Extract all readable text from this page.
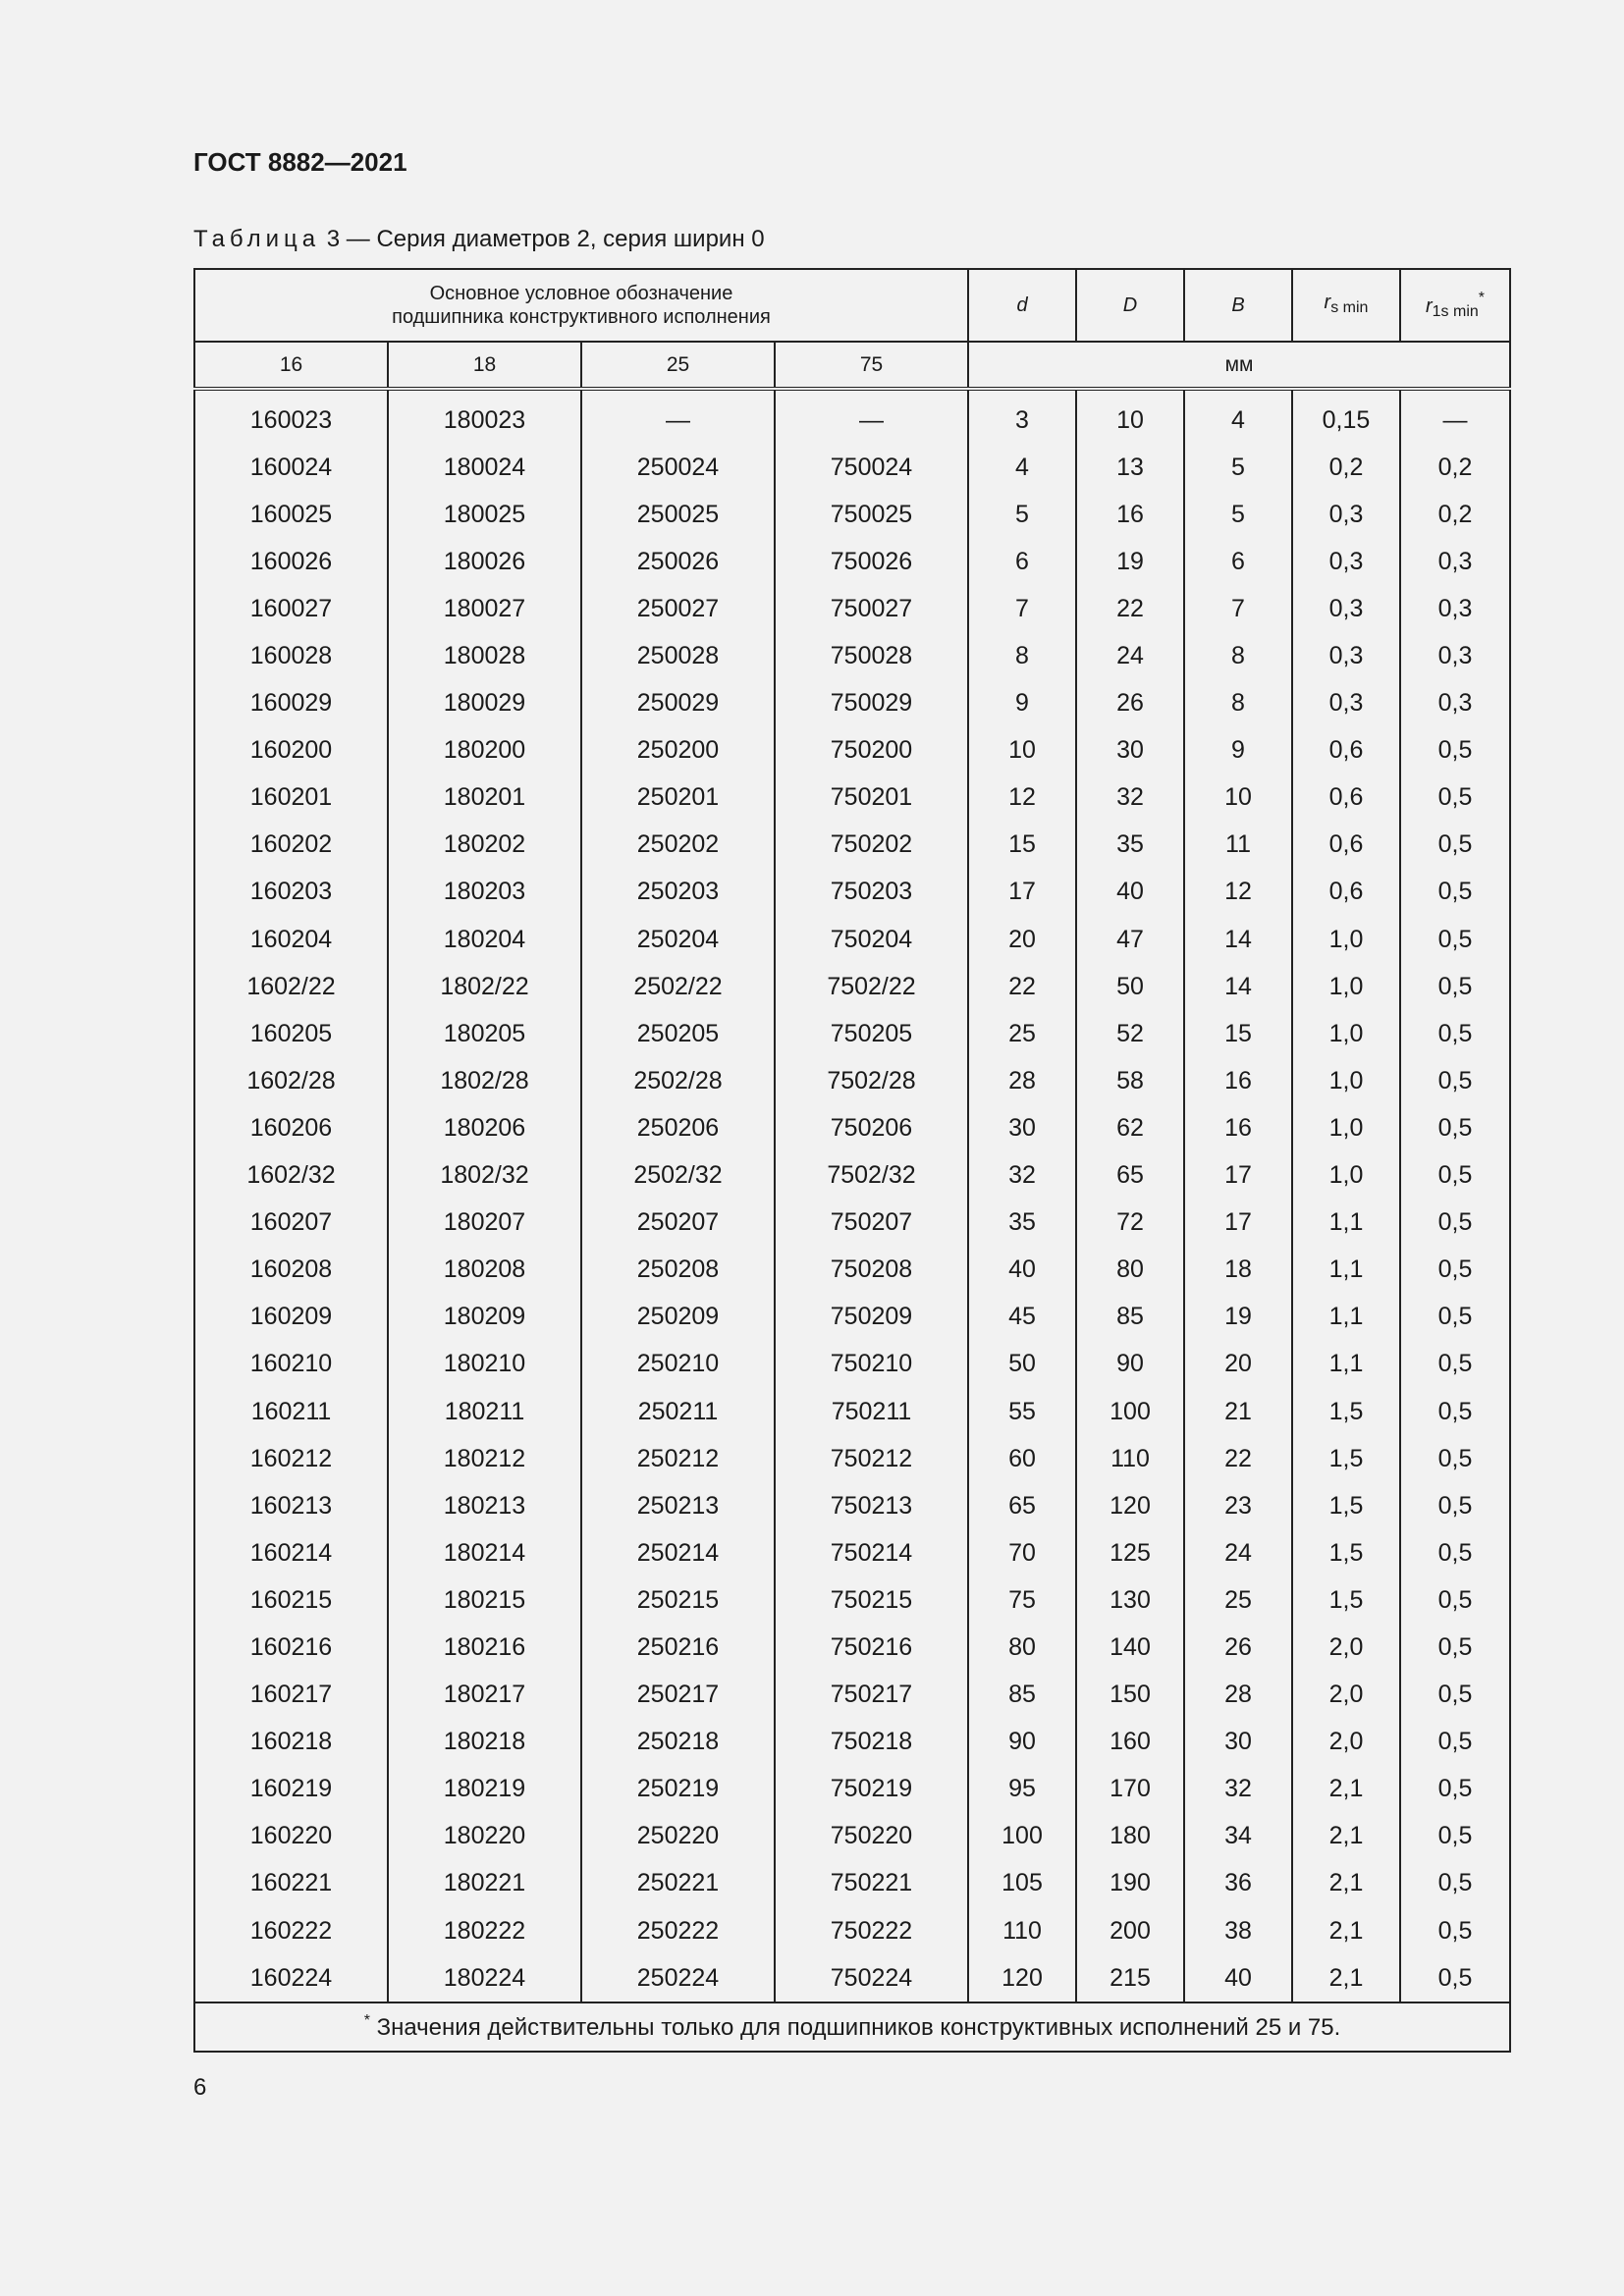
ГОСТ 8882—2021
Таблица 3 — Серия диаметров 2, серия ширин 0
Основное условное обозначение подшипника конструктивного исполнения				d	D	B	$r_{s min}$	$r_{1s min}^*$
16	18	25	75	мм				
160023	180023	—	—	3	10	4	0,15	—
160024	180024	250024	750024	4	13	5	0,2	0,2
160025	180025	250025	750025	5	16	5	0,3	0,2
160026	180026	250026	750026	6	19	6	0,3	0,3
160027	180027	250027	750027	7	22	7	0,3	0,3
160028	180028	250028	750028	8	24	8	0,3	0,3
160029	180029	250029	750029	9	26	8	0,3	0,3
160200	180200	250200	750200	10	30	9	0,6	0,5
160201	180201	250201	750201	12	32	10	0,6	0,5
160202	180202	250202	750202	15	35	11	0,6	0,5
160203	180203	250203	750203	17	40	12	0,6	0,5
160204	180204	250204	750204	20	47	14	1,0	0,5
1602/22	1802/22	2502/22	7502/22	22	50	14	1,0	0,5
160205	180205	250205	750205	25	52	15	1,0	0,5
1602/28	1802/28	2502/28	7502/28	28	58	16	1,0	0,5
160206	180206	250206	750206	30	62	16	1,0	0,5
1602/32	1802/32	2502/32	7502/32	32	65	17	1,0	0,5
160207	180207	250207	750207	35	72	17	1,1	0,5
160208	180208	250208	750208	40	80	18	1,1	0,5
160209	180209	250209	750209	45	85	19	1,1	0,5
160210	180210	250210	750210	50	90	20	1,1	0,5
160211	180211	250211	750211	55	100	21	1,5	0,5
160212	180212	250212	750212	60	110	22	1,5	0,5
160213	180213	250213	750213	65	120	23	1,5	0,5
160214	180214	250214	750214	70	125	24	1,5	0,5
160215	180215	250215	750215	75	130	25	1,5	0,5
160216	180216	250216	750216	80	140	26	2,0	0,5
160217	180217	250217	750217	85	150	28	2,0	0,5
160218	180218	250218	750218	90	160	30	2,0	0,5
160219	180219	250219	750219	95	170	32	2,1	0,5
160220	180220	250220	750220	100	180	34	2,1	0,5
160221	180221	250221	750221	105	190	36	2,1	0,5
160222	180222	250222	750222	110	200	38	2,1	0,5
160224	180224	250224	750224	120	215	40	2,1	0,5
* Значения действительны только для подшипников конструктивных исполнений 25 и 75.								
6
